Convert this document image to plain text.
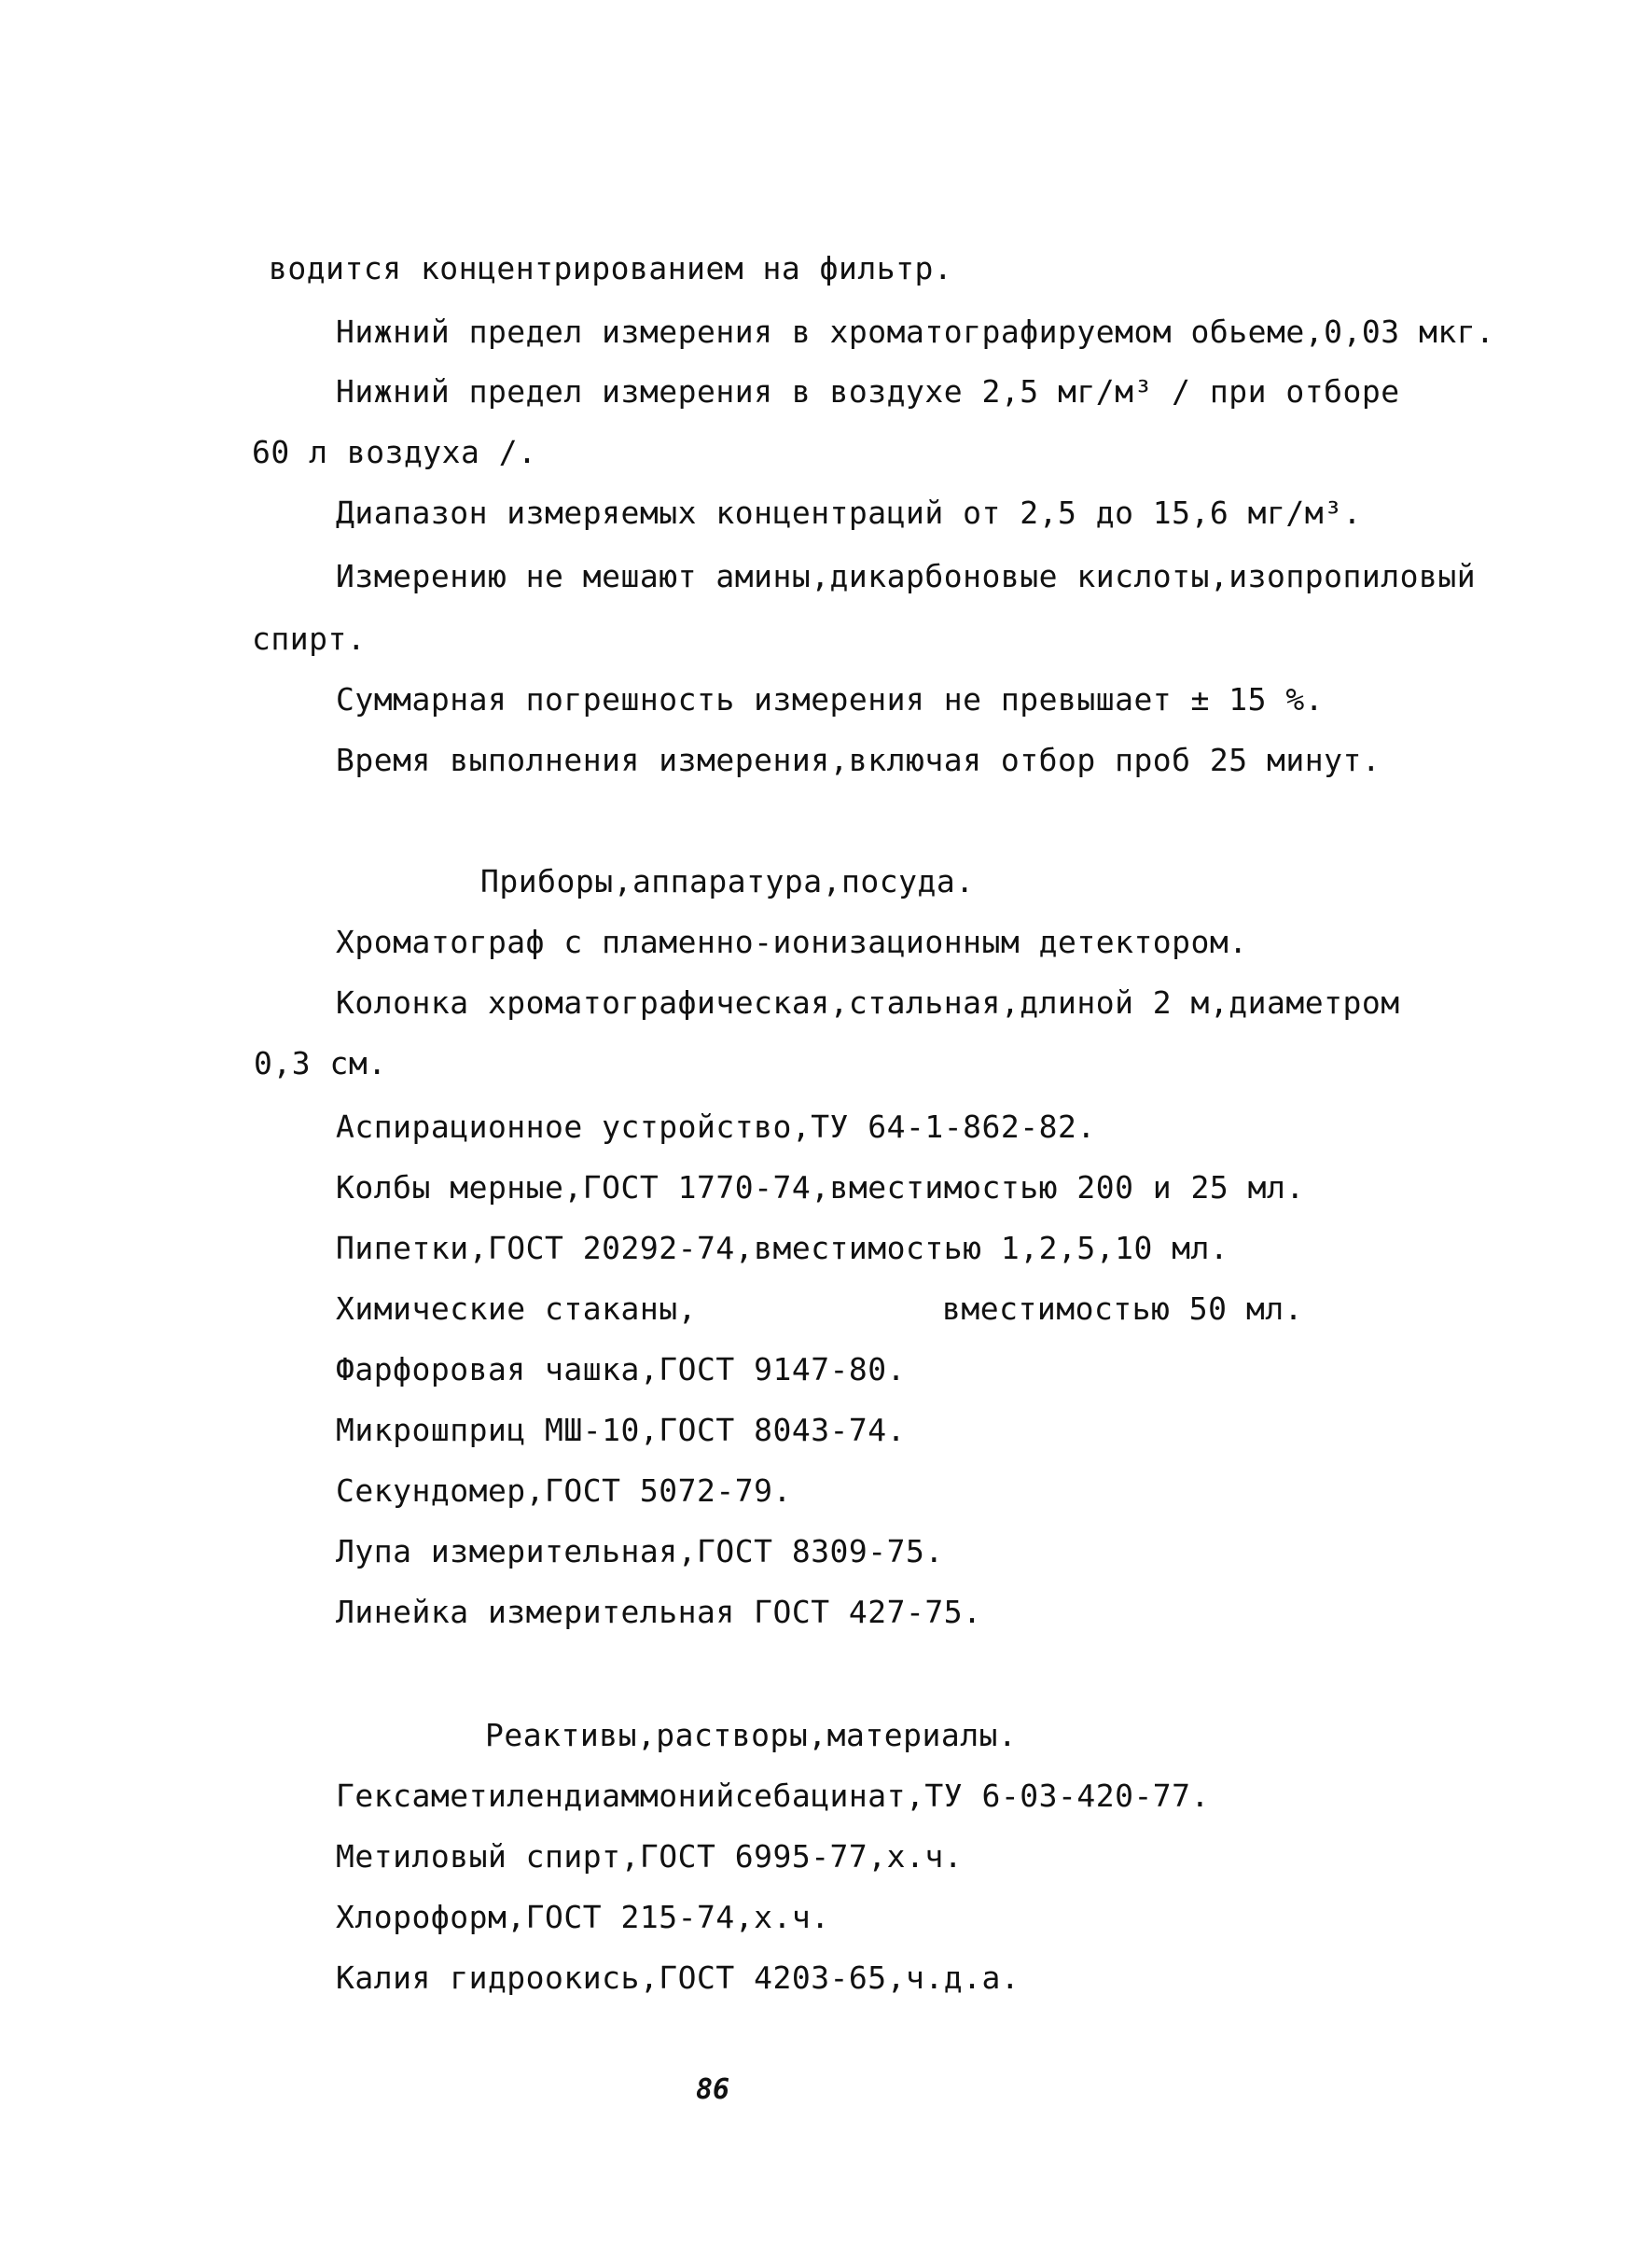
водится концентрированием на фильтр.
Нижний предел измерения в хроматографируемом обьеме,0,03 мкг.
Нижний предел измерения в воздухе 2,5 мг/м³ / при отборе
60 л воздуха /.
Диапазон измеряемых концентраций от 2,5 до 15,6 мг/м³.
Измерению не мешают амины,дикарбоновые кислоты,изопропиловый
спирт.
Суммарная погрешность измерения не превышает ± 15 %.
Время выполнения измерения,включая отбор проб 25 минут.
Приборы,аппаратура,посуда.
Хроматограф с пламенно-ионизационным детектором.
Колонка хроматографическая,стальная,длиной 2 м,диаметром
0,3 см.
Аспирационное устройство,ТУ 64-1-862-82.
Колбы мерные,ГОСТ 1770-74,вместимостью 200 и 25 мл.
Пипетки,ГОСТ 20292-74,вместимостью 1,2,5,10 мл.
Химические стаканы,	вместимостью 50 мл.
Фарфоровая чашка,ГОСТ 9147-80.
Микрошприц МШ-10,ГОСТ 8043-74.
Секундомер,ГОСТ 5072-79.
Лупа измерительная,ГОСТ 8309-75.
Линейка измерительная ГОСТ 427-75.
Реактивы,растворы,материалы.
Гексаметилендиаммонийсебацинат,ТУ 6-03-420-77.
Метиловый спирт,ГОСТ 6995-77,х.ч.
Хлороформ,ГОСТ 215-74,х.ч.
Калия гидроокись,ГОСТ 4203-65,ч.д.а.
86
